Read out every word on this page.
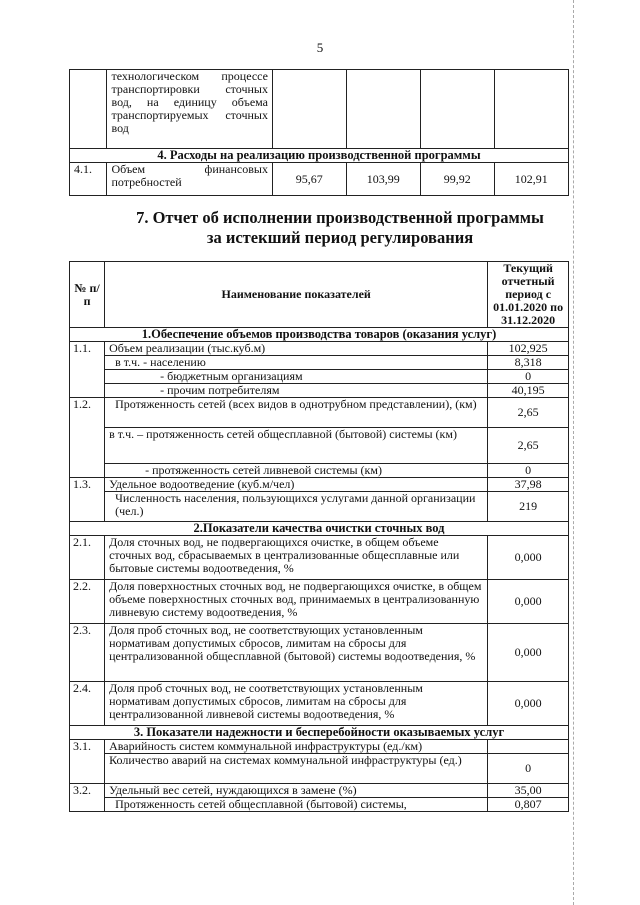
5
	технологическом процессе транспортировки сточных вод, на единицу объема транспортируемых сточных вод				
4. Расходы на реализацию производственной программы					
4.1.	Объем финансовых потребностей	95,67	103,99	99,92	102,91
7. Отчет об исполнении производственной программы
за истекший период регулирования
№ п/п	Наименование показателей	Текущий отчетный период с 01.01.2020 по 31.12.2020
1.Обеспечение объемов производства товаров (оказания услуг)		
1.1.	Объем реализации (тыс.куб.м)	102,925
	в т.ч. - населению	8,318
	- бюджетным организациям	0
	- прочим потребителям	40,195
1.2.	Протяженность сетей (всех видов в однотрубном представлении), (км)	2,65
	в т.ч. – протяженность сетей общесплавной (бытовой) системы (км)	2,65
	- протяженность сетей ливневой системы (км)	0
1.3.	Удельное водоотведение (куб.м/чел)	37,98
	Численность населения, пользующихся услугами данной организации (чел.)	219
2.Показатели качества очистки сточных вод		
2.1.	Доля сточных вод, не подвергающихся очистке, в общем объеме сточных вод, сбрасываемых в централизованные общесплавные или бытовые системы водоотведения, %	0,000
2.2.	Доля поверхностных сточных вод, не подвергающихся очистке, в общем объеме поверхностных сточных вод, принимаемых в централизованную ливневую систему водоотведения, %	0,000
2.3.	Доля проб сточных вод, не соответствующих установленным нормативам допустимых сбросов, лимитам на сбросы для централизованной общесплавной (бытовой) системы водоотведения, %	0,000
2.4.	Доля проб сточных вод, не соответствующих установленным нормативам допустимых сбросов, лимитам на сбросы для централизованной ливневой системы водоотведения, %	0,000
3. Показатели надежности и бесперебойности оказываемых услуг		
3.1.	Аварийность систем коммунальной инфраструктуры (ед./км)	
	Количество аварий на системах коммунальной инфраструктуры (ед.)	0
3.2.	Удельный вес сетей, нуждающихся в замене (%)	35,00
	Протяженность сетей общесплавной (бытовой) системы,	0,807
